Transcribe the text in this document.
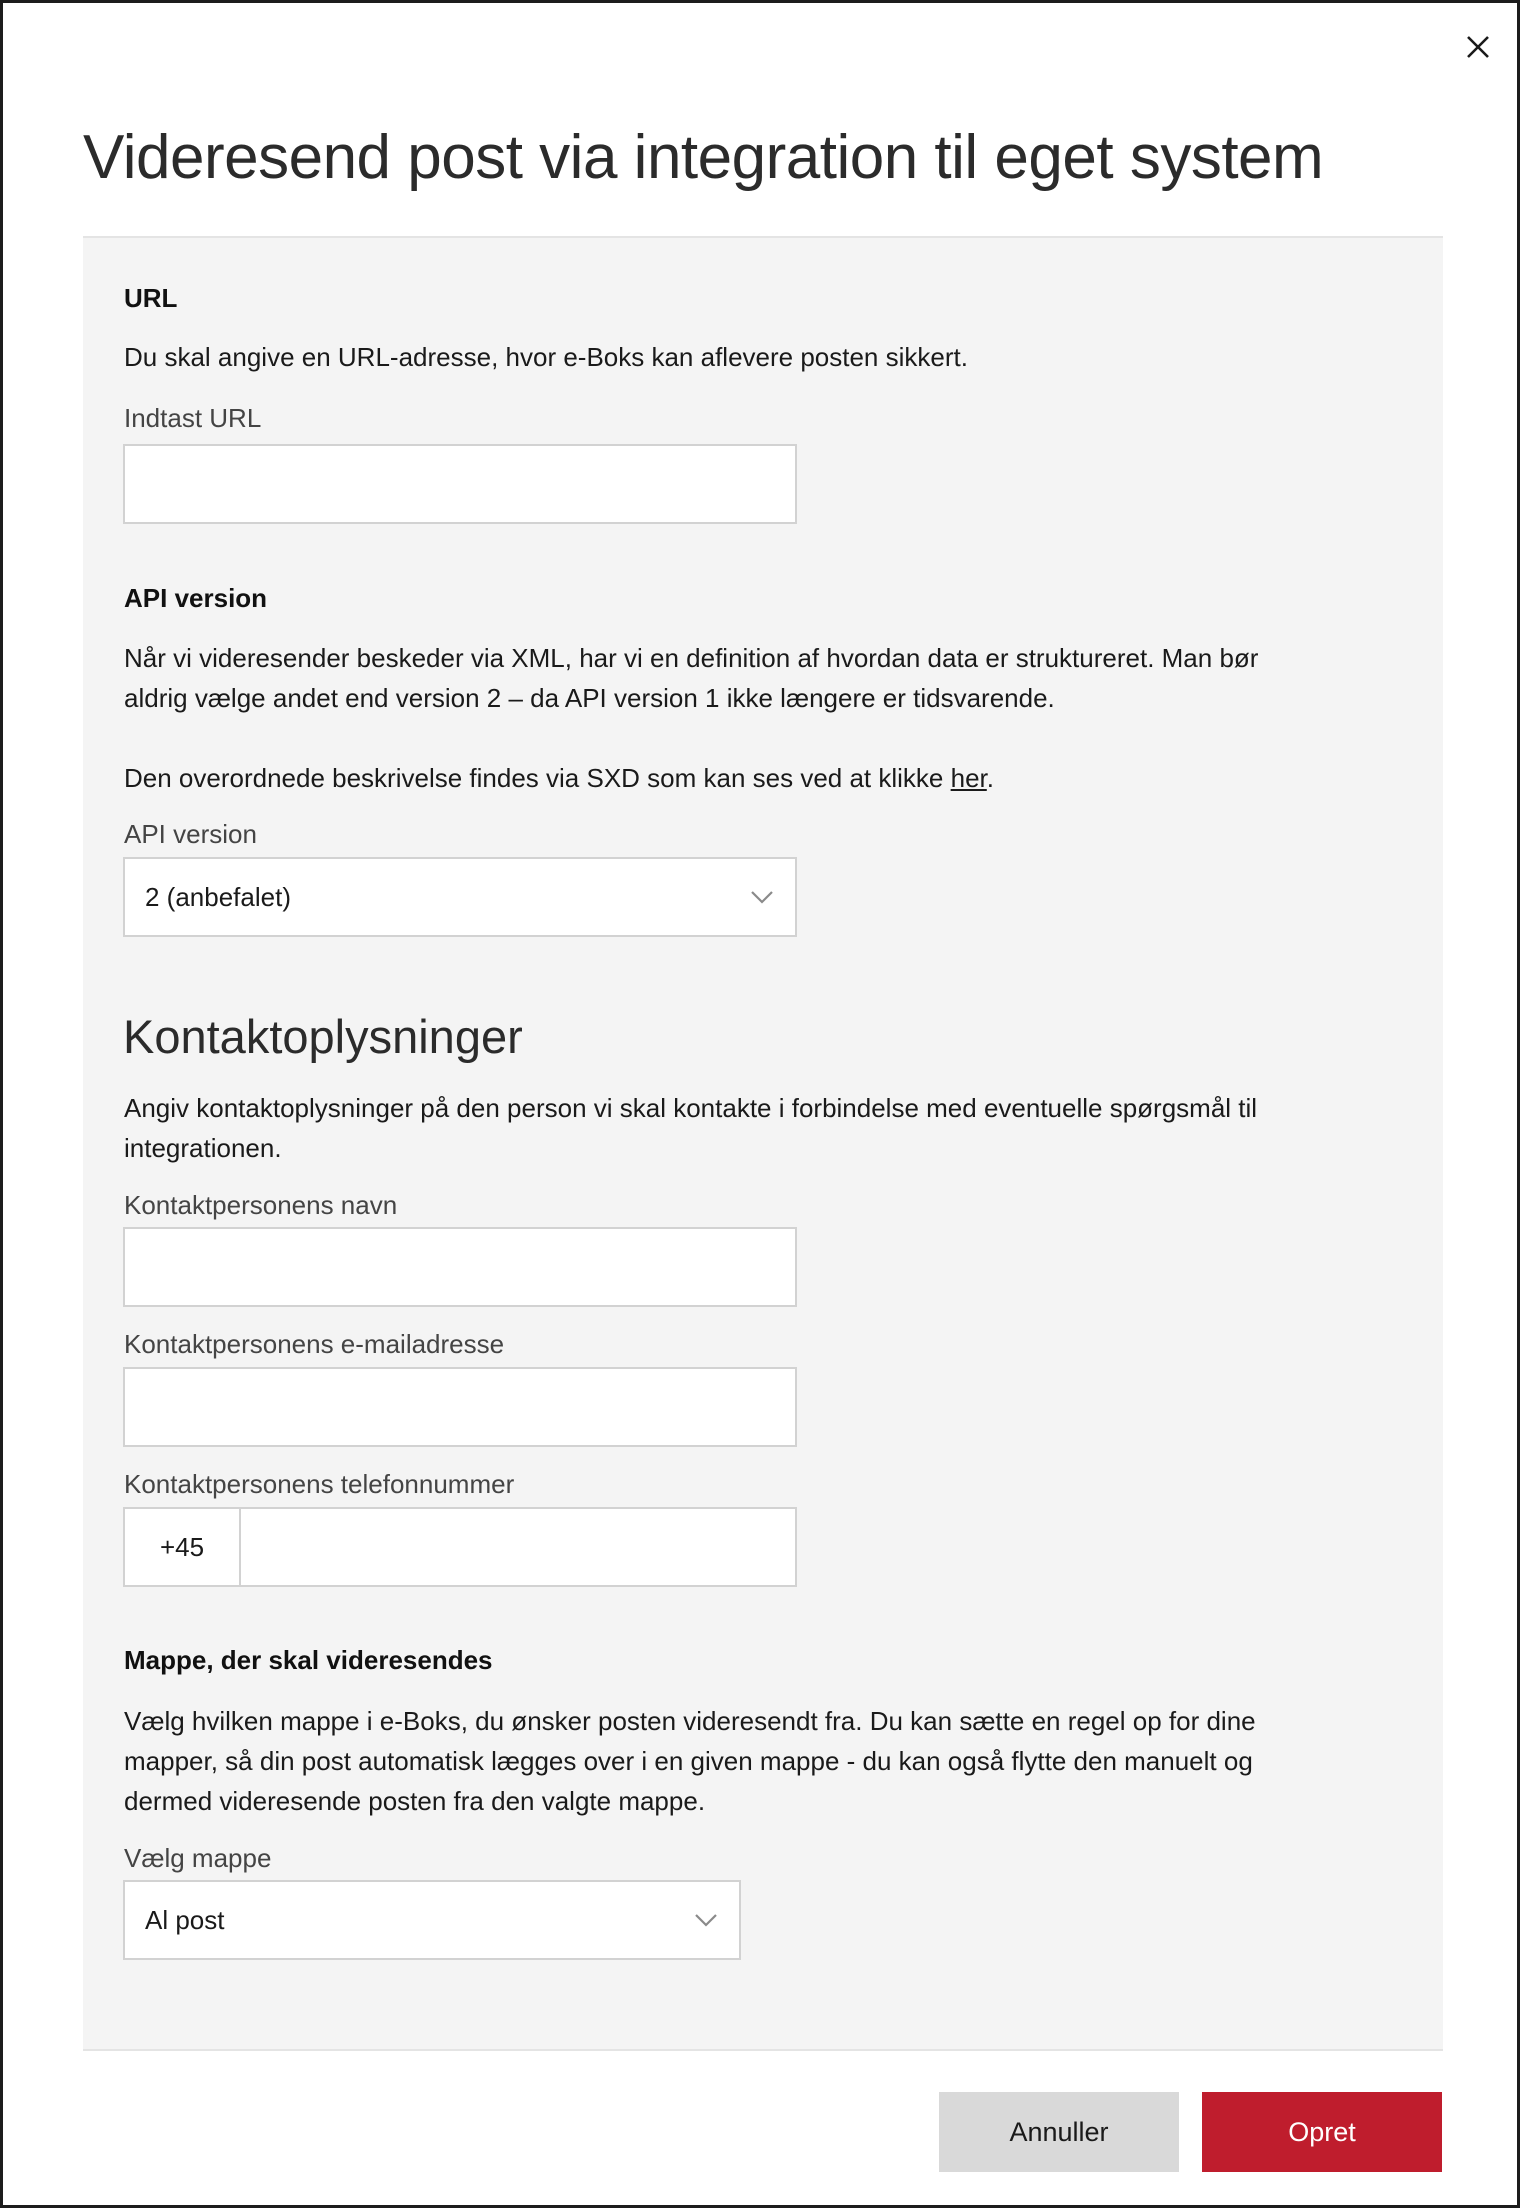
Videresend post via integration til eget system
URL
Du skal angive en URL-adresse, hvor e-Boks kan aflevere posten sikkert.
Indtast URL
API version
Når vi videresender beskeder via XML, har vi en definition af hvordan data er struktureret. Man bør
aldrig vælge andet end version 2 – da API version 1 ikke længere er tidsvarende.
Den overordnede beskrivelse findes via SXD som kan ses ved at klikke her.
API version
2 (anbefalet)
Kontaktoplysninger
Angiv kontaktoplysninger på den person vi skal kontakte i forbindelse med eventuelle spørgsmål til
integrationen.
Kontaktpersonens navn
Kontaktpersonens e-mailadresse
Kontaktpersonens telefonnummer
+45
Mappe, der skal videresendes
Vælg hvilken mappe i e-Boks, du ønsker posten videresendt fra. Du kan sætte en regel op for dine
mapper, så din post automatisk lægges over i en given mappe - du kan også flytte den manuelt og
dermed videresende posten fra den valgte mappe.
Vælg mappe
Al post
Annuller	Opret
